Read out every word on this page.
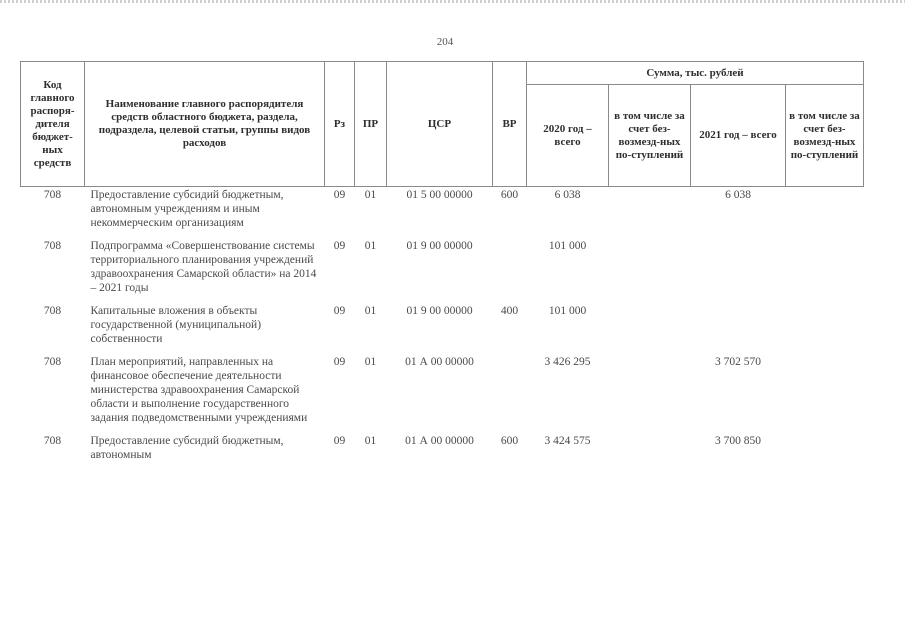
204
Код главного распоря-дителя бюджет-ных средств	Наименование главного распорядителя средств областного бюджета, раздела, подраздела, целевой статьи, группы видов расходов	Рз	ПР	ЦСР	ВР	Сумма, тыс. рублей			
						2020 год – всего	в том числе за счет без-возмезд-ных по-ступлений	2021 год – всего	в том числе за счет без-возмезд-ных по-ступлений
708	Предоставление субсидий бюджетным, автономным учреждениям и иным некоммерческим организациям	09	01	01 5 00 00000	600	6 038		6 038	
708	Подпрограмма «Совершенствование системы территориального планирования учреждений здравоохранения Самарской области» на 2014 – 2021 годы	09	01	01 9 00 00000		101 000			
708	Капитальные вложения в объекты государственной (муниципальной) собственности	09	01	01 9 00 00000	400	101 000			
708	План мероприятий, направленных на финансовое обеспечение деятельности министерства здравоохранения Самарской области и выполнение государственного задания подведомственными учреждениями	09	01	01 А 00 00000		3 426 295		3 702 570	
708	Предоставление субсидий бюджетным, автономным	09	01	01 А 00 00000	600	3 424 575		3 700 850	
